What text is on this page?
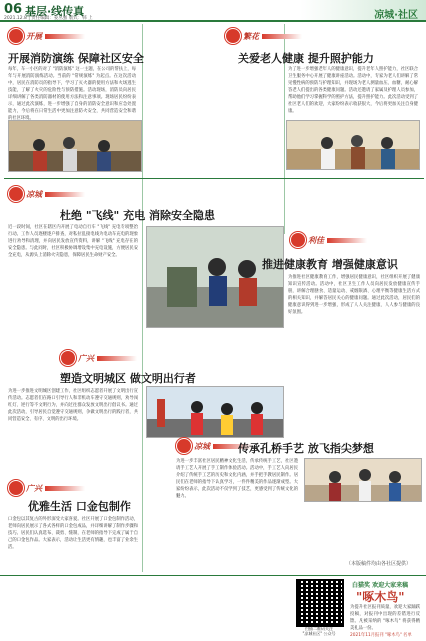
06 基层·线传真
2021.12.8 | 责任编辑：姜丛强 版式：韩 上	凉城·社区
开展
开展消防演练 保障社区安全
每年，车一小区的对了 "消防演练" 这一主题，在公司的帮扶上，每年与开展消防演练活动。当前的 "常规演练" 为起点。在这次活动中，居民在消防员的指导下，学习了灭火器的使用方法和火场逃生技能，了解了火灾的危险性与预防措施。活动现场，消防员向居民详细讲解了各类消防器材的使用方法和注意事项。现场居民纷纷表示，通过此次演练，进一步增强了自身的消防安全意识和应急处置能力，今后将在日常生活中更加注意防火安全，共同营造安全和谐的社区环境。
繁花
关爱老人健康 提升照护能力
为了进一步增强老年人的健康意识，提升老年人照护能力，社区联合卫生服务中心开展了健康讲座活动。活动中，专家为老人们讲解了常见慢性病的预防与护理知识，并现场为老人测量血压、血糖，耐心解答老人们提出的各类健康问题。活动还邀请了家属及护理人员参加，帮助他们学习掌握科学的照护方法，提升照护能力。此次活动受到了社区老人们的欢迎，大家纷纷表示收获很大，今后将更加关注自身健康。
凉城
杜绝 "飞线" 充电 消除安全隐患
近一段时间，社区在辖区内开展了电动自行车 "飞线" 充电专项整治行动。工作人员逐楼逐户排查，对私拉乱接电线为电动车充电的现象进行劝导和清理，并向居民发放宣传资料，讲解 "飞线" 充电存在的安全隐患。与此同时，社区积极协调增设集中充电设施，方便居民安全充电，从源头上消除火灾隐患，保障居民生命财产安全。
利佳
推进健康教育 增强健康意识
为推进社区健康教育工作，增强居民健康意识，社区组织开展了健康知识宣传活动。活动中，社区卫生工作人员向居民发放健康宣传手册，讲解合理膳食、适量运动、戒烟限酒、心理平衡等健康生活方式的相关知识，并解答居民关心的健康问题。通过此次活动，居民们的健康意识得到进一步增强，形成了人人关注健康、人人参与健康的良好氛围。
广兴
塑造文明城区 做文明出行者
为进一步推进文明城区创建工作，社区组织志愿者开展了文明出行宣传活动。志愿者们在路口引导行人和非机动车遵守交通规则，劝导闯红灯、逆行等不文明行为，并向过往群众发放文明出行倡议书。通过此次活动，引导居民自觉遵守交通规则，争做文明出行的践行者，共同营造安全、有序、文明的出行环境。
凉城	传承孔桥手艺 放飞指尖梦想
为进一步丰富社区居民精神文化生活，传承传统手工艺，社区邀请手工艺人开展了手工制作体验活动。活动中，手工艺人向居民介绍了传统手工艺的历史和文化内涵，并手把手教居民制作。居民们在老师的指导下认真学习，一件件精美的作品逐渐成型。大家纷纷表示，此次活动不仅学到了技艺，更感受到了传统文化的魅力。
广兴
优雅生活 口金包制作
口金包以其复古的外形深受大家喜爱。社区开展了口金包制作活动，老师向居民展示了各式各样的口金包成品，并详细讲解了制作步骤和技巧。居民们认真选布、裁剪、缝制，在老师的指导下完成了属于自己的口金包作品。大家表示，活动让生活更有情趣，也丰富了业余生活。
（本版稿件均由各社区提供）
扫描二维码关注
"凉城社区" 公众号
白猫奖 欢迎大家来稿
"啄木鸟"
为提升社区报刊质量，欢迎大家踊跃投稿，对报刊中出现的差错进行反馈。凡被采纳的 "啄木鸟" 将获得精美礼品一份。
2021年11月报刊 "啄木鸟" 名单
